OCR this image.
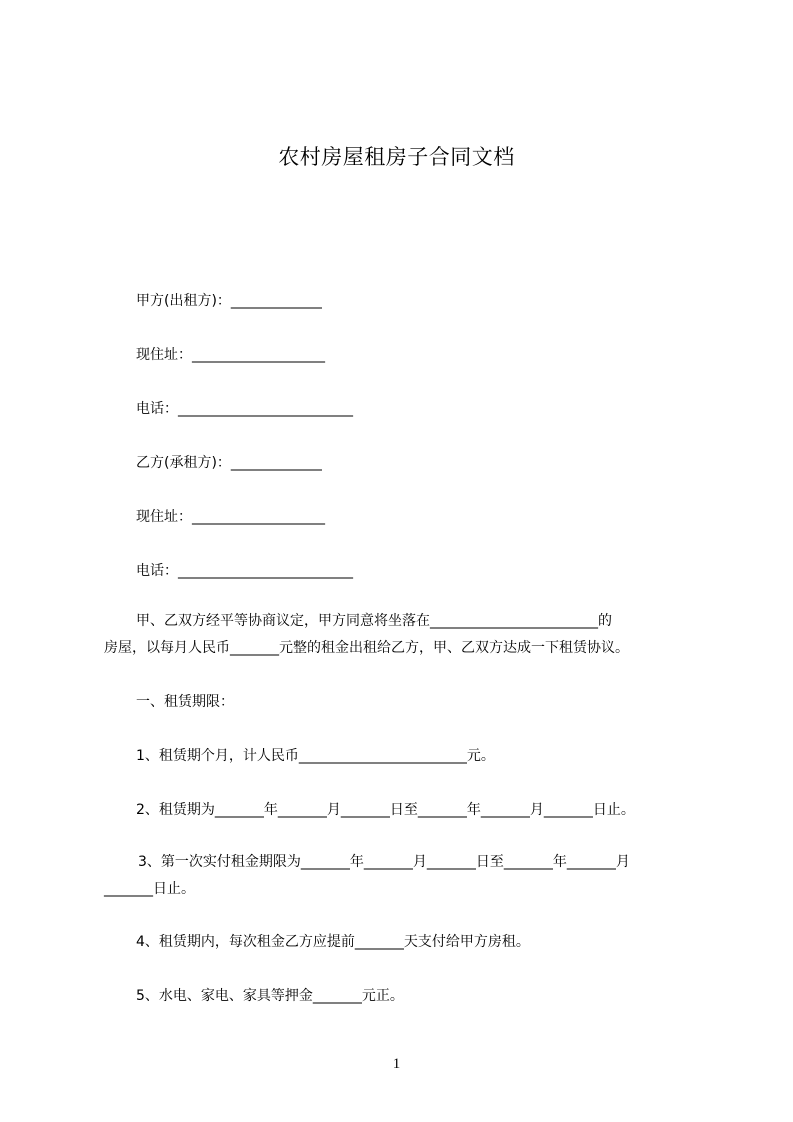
农村房屋租房子合同文档
甲方(出租方)：_____________
现住址：___________________
电话：_________________________
乙方(承租方)：_____________
现住址：___________________
电话：_________________________
甲、乙双方经平等协商议定，甲方同意将坐落在________________________的
房屋，以每月人民币_______元整的租金出租给乙方，甲、乙双方达成一下租赁协议。
一、租赁期限：
1、租赁期个月，计人民币________________________元。
2、租赁期为_______年_______月_______日至_______年_______月_______日止。
3、第一次实付租金期限为_______年_______月_______日至_______年_______月
_______日止。
4、租赁期内，每次租金乙方应提前_______天支付给甲方房租。
5、水电、家电、家具等押金_______元正。
1
